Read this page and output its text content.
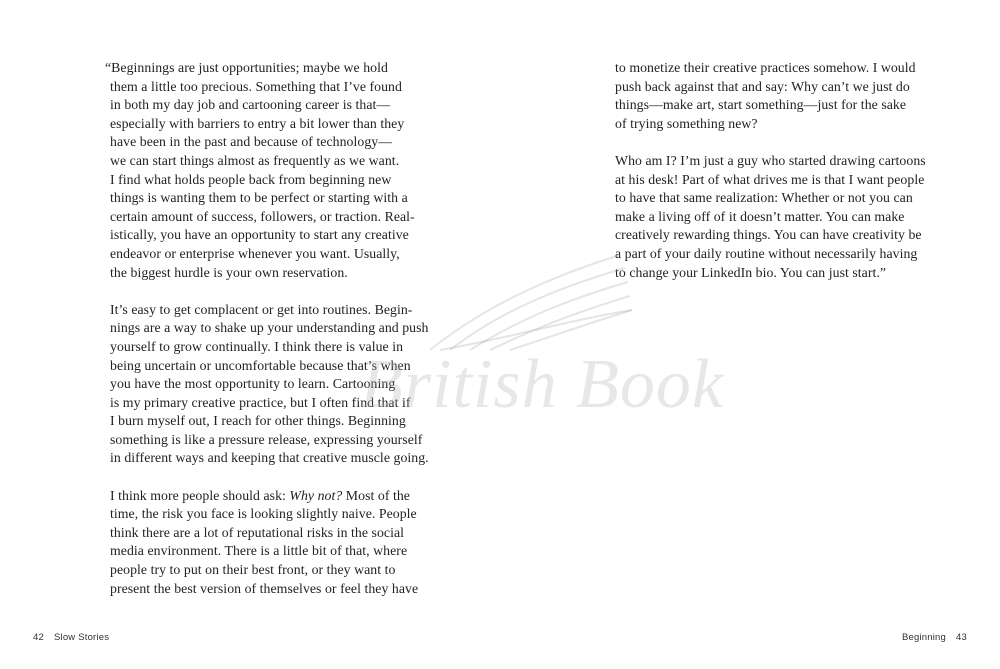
“Beginnings are just opportunities; maybe we hold
them a little too precious. Something that I’ve found
in both my day job and cartooning career is that—
especially with barriers to entry a bit lower than they
have been in the past and because of technology—
we can start things almost as frequently as we want.
I find what holds people back from beginning new
things is wanting them to be perfect or starting with a
certain amount of success, followers, or traction. Real-
istically, you have an opportunity to start any creative
endeavor or enterprise whenever you want. Usually,
the biggest hurdle is your own reservation.

It’s easy to get complacent or get into routines. Begin-
nings are a way to shake up your understanding and push
yourself to grow continually. I think there is value in
being uncertain or uncomfortable because that’s when
you have the most opportunity to learn. Cartooning
is my primary creative practice, but I often find that if
I burn myself out, I reach for other things. Beginning
something is like a pressure release, expressing yourself
in different ways and keeping that creative muscle going.

I think more people should ask: Why not? Most of the
time, the risk you face is looking slightly naive. People
think there are a lot of reputational risks in the social
media environment. There is a little bit of that, where
people try to put on their best front, or they want to
present the best version of themselves or feel they have

42 Slow Stories

to monetize their creative practices somehow. I would
push back against that and say: Why can’t we just do
things—make art, start something—just for the sake
of trying something new?

Who am I? I’m just a guy who started drawing cartoons
at his desk! Part of what drives me is that I want people
to have that same realization: Whether or not you can
make a living off of it doesn’t matter. You can make
creatively rewarding things. You can have creativity be
a part of your daily routine without necessarily having
to change your LinkedIn bio. You can just start.”

Beginning 43
British Book
